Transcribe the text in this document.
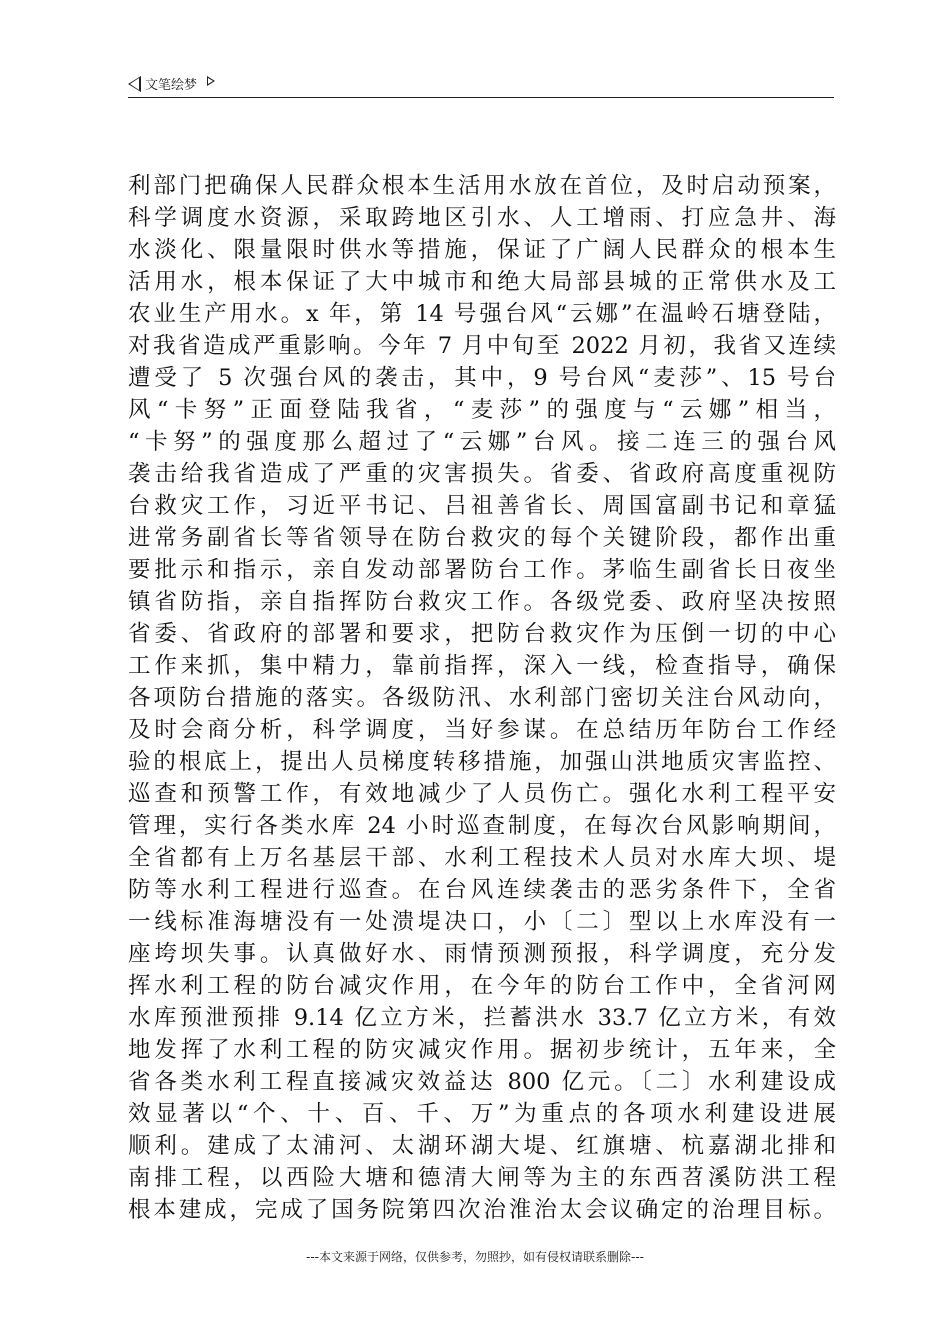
文笔绘梦
利部门把确保人民群众根本生活用水放在首位，及时启动预案，
科学调度水资源，采取跨地区引水、人工增雨、打应急井、海
水淡化、限量限时供水等措施，保证了广阔人民群众的根本生
活用水，根本保证了大中城市和绝大局部县城的正常供水及工
农业生产用水。x 年，第 14 号强台风“云娜”在温岭石塘登陆，
对我省造成严重影响。今年 7 月中旬至 2022 月初，我省又连续
遭受了 5 次强台风的袭击，其中，9 号台风“麦莎”、15 号台
风“卡努”正面登陆我省，“麦莎”的强度与“云娜”相当，
“卡努”的强度那么超过了“云娜”台风。接二连三的强台风
袭击给我省造成了严重的灾害损失。省委、省政府高度重视防
台救灾工作，习近平书记、吕祖善省长、周国富副书记和章猛
进常务副省长等省领导在防台救灾的每个关键阶段，都作出重
要批示和指示，亲自发动部署防台工作。茅临生副省长日夜坐
镇省防指，亲自指挥防台救灾工作。各级党委、政府坚决按照
省委、省政府的部署和要求，把防台救灾作为压倒一切的中心
工作来抓，集中精力，靠前指挥，深入一线，检查指导，确保
各项防台措施的落实。各级防汛、水利部门密切关注台风动向，
及时会商分析，科学调度，当好参谋。在总结历年防台工作经
验的根底上，提出人员梯度转移措施，加强山洪地质灾害监控、
巡查和预警工作，有效地减少了人员伤亡。强化水利工程平安
管理，实行各类水库 24 小时巡查制度，在每次台风影响期间，
全省都有上万名基层干部、水利工程技术人员对水库大坝、堤
防等水利工程进行巡查。在台风连续袭击的恶劣条件下，全省
一线标准海塘没有一处溃堤决口，小〔二〕型以上水库没有一
座垮坝失事。认真做好水、雨情预测预报，科学调度，充分发
挥水利工程的防台减灾作用，在今年的防台工作中，全省河网
水库预泄预排 9.14 亿立方米，拦蓄洪水 33.7 亿立方米，有效
地发挥了水利工程的防灾减灾作用。据初步统计，五年来，全
省各类水利工程直接减灾效益达 800 亿元。〔二〕水利建设成
效显著以“个、十、百、千、万”为重点的各项水利建设进展
顺利。建成了太浦河、太湖环湖大堤、红旗塘、杭嘉湖北排和
南排工程，以西险大塘和德清大闸等为主的东西苕溪防洪工程
根本建成，完成了国务院第四次治淮治太会议确定的治理目标。
---本文来源于网络，仅供参考，勿照抄，如有侵权请联系删除---
